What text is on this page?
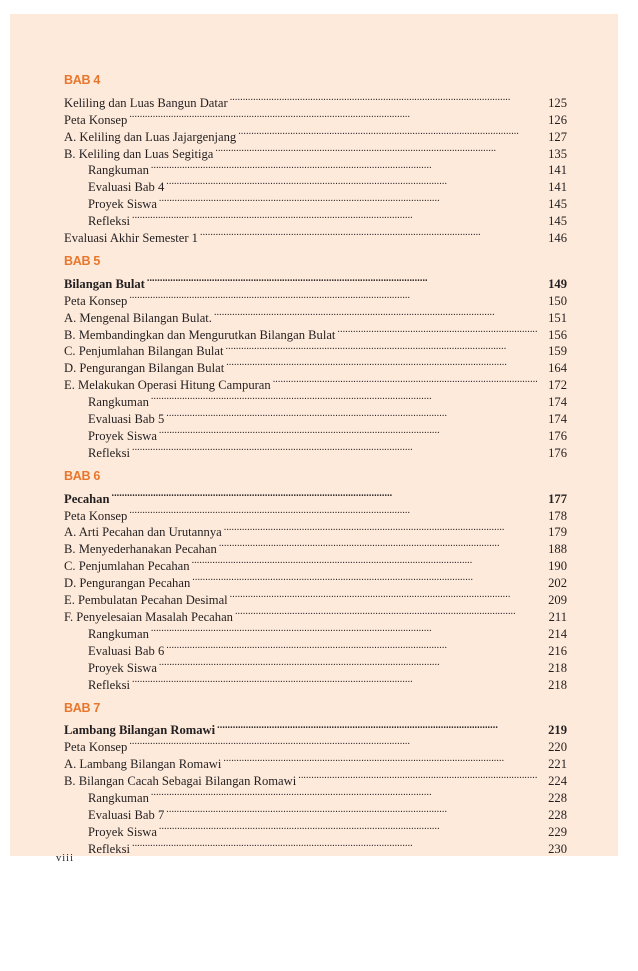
BAB 4
Keliling dan Luas Bangun Datar . . .	125
Peta Konsep . . .	126
A. Keliling dan Luas Jajargenjang . . .	127
B. Keliling dan Luas Segitiga . . .	135
Rangkuman . . .	141
Evaluasi Bab 4 . . .	141
Proyek Siswa . . .	145
Refleksi . . .	145
Evaluasi Akhir Semester 1 . . .	146
BAB 5
Bilangan Bulat . . .	149
Peta Konsep . . .	150
A. Mengenal Bilangan Bulat. . . .	151
B. Membandingkan dan Mengurutkan Bilangan Bulat . . .	156
C. Penjumlahan Bilangan Bulat . . .	159
D. Pengurangan Bilangan Bulat . . .	164
E. Melakukan Operasi Hitung Campuran . . .	172
Rangkuman . . .	174
Evaluasi Bab 5 . . .	174
Proyek Siswa . . .	176
Refleksi . . .	176
BAB 6
Pecahan . . .	177
Peta Konsep . . .	178
A. Arti Pecahan dan Urutannya . . .	179
B. Menyederhanakan Pecahan . . .	188
C. Penjumlahan Pecahan . . .	190
D. Pengurangan Pecahan . . .	202
E. Pembulatan Pecahan Desimal . . .	209
F. Penyelesaian Masalah Pecahan . . .	211
Rangkuman . . .	214
Evaluasi Bab 6 . . .	216
Proyek Siswa . . .	218
Refleksi . . .	218
BAB 7
Lambang Bilangan Romawi . . .	219
Peta Konsep . . .	220
A. Lambang Bilangan Romawi . . .	221
B. Bilangan Cacah Sebagai Bilangan Romawi . . .	224
Rangkuman . . .	228
Evaluasi Bab 7 . . .	228
Proyek Siswa . . .	229
Refleksi . . .	230
viii
